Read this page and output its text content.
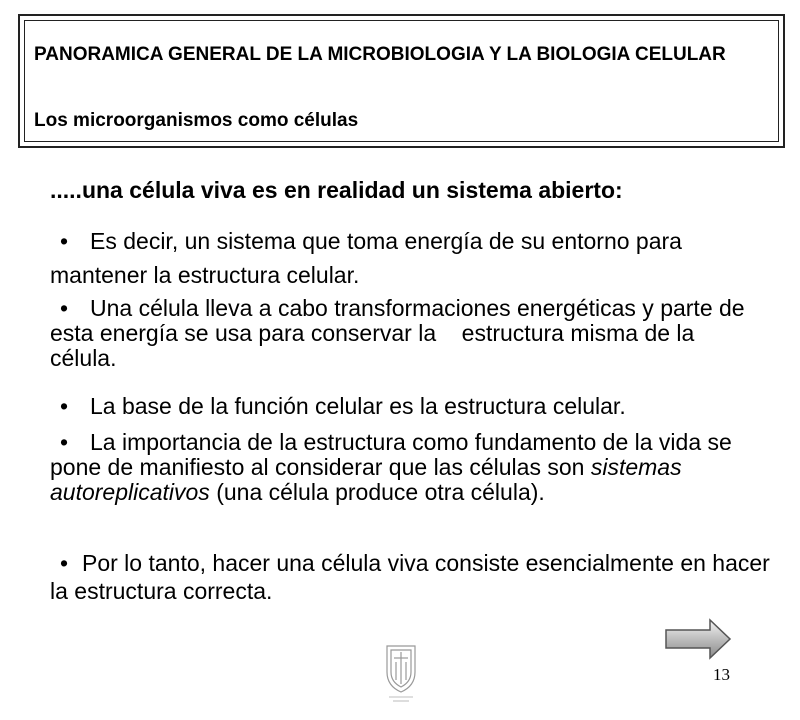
PANORAMICA GENERAL DE LA MICROBIOLOGIA Y LA BIOLOGIA CELULAR
Los microorganismos como células
.....una célula viva es en realidad un sistema abierto:

• Es decir, un sistema que toma energía de su entorno para mantener la estructura celular.

• Una célula lleva a cabo transformaciones energéticas y parte de esta energía se usa para conservar la    estructura misma de la       célula.

• La base de la función celular es la estructura celular.

• La importancia de la estructura como fundamento de la vida se  pone de manifiesto al considerar que las células son sistemas      autoreplicativos (una célula produce otra célula).

• Por lo tanto, hacer una célula viva consiste esencialmente en hacer la estructura correcta.

13
